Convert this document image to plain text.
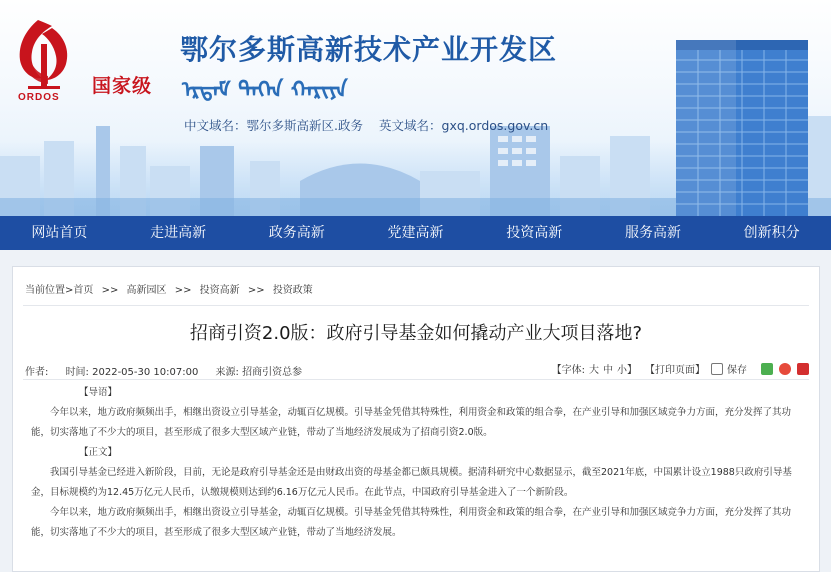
ORDOS
国家级
鄂尔多斯高新技术产业开发区
ᠡᠷᠳᠡᠮ ᠲᠡᠭᠡᠨ ᠬᠠᠷᠢᠶᠠ
中文域名：鄂尔多斯高新区.政务 英文域名：gxq.ordos.gov.cn
网站首页	走进高新	政务高新	党建高新	投资高新	服务高新	创新积分
当前位置>首页 >> 高新园区 >> 投资高新 >> 投资政策
招商引资2.0版：政府引导基金如何撬动产业大项目落地?
作者: 时间: 2022-05-30 10:07:00 来源: 招商引资总参	【字体: 大 中 小 】 【打印页面】 保存
【导语】
今年以来，地方政府频频出手，相继出资设立引导基金，动辄百亿规模。引导基金凭借其特殊性，利用资金和政策的组合拳，在产业引导和加强区域竞争力方面，充分发挥了其功能，切实落地了不少大的项目，甚至形成了很多大型区域产业链，带动了当地经济发展成为了招商引资2.0版。
【正文】
我国引导基金已经进入新阶段，目前，无论是政府引导基金还是由财政出资的母基金都已颇具规模。据清科研究中心数据显示，截至2021年底，中国累计设立1988只政府引导基金，目标规模约为12.45万亿元人民币，认缴规模则达到约6.16万亿元人民币。在此节点，中国政府引导基金进入了一个新阶段。
今年以来，地方政府频频出手，相继出资设立引导基金，动辄百亿规模。引导基金凭借其特殊性，利用资金和政策的组合拳，在产业引导和加强区域竞争力方面，充分发挥了其功能，切实落地了不少大的项目，甚至形成了很多大型区域产业链，带动了当地经济发展。
